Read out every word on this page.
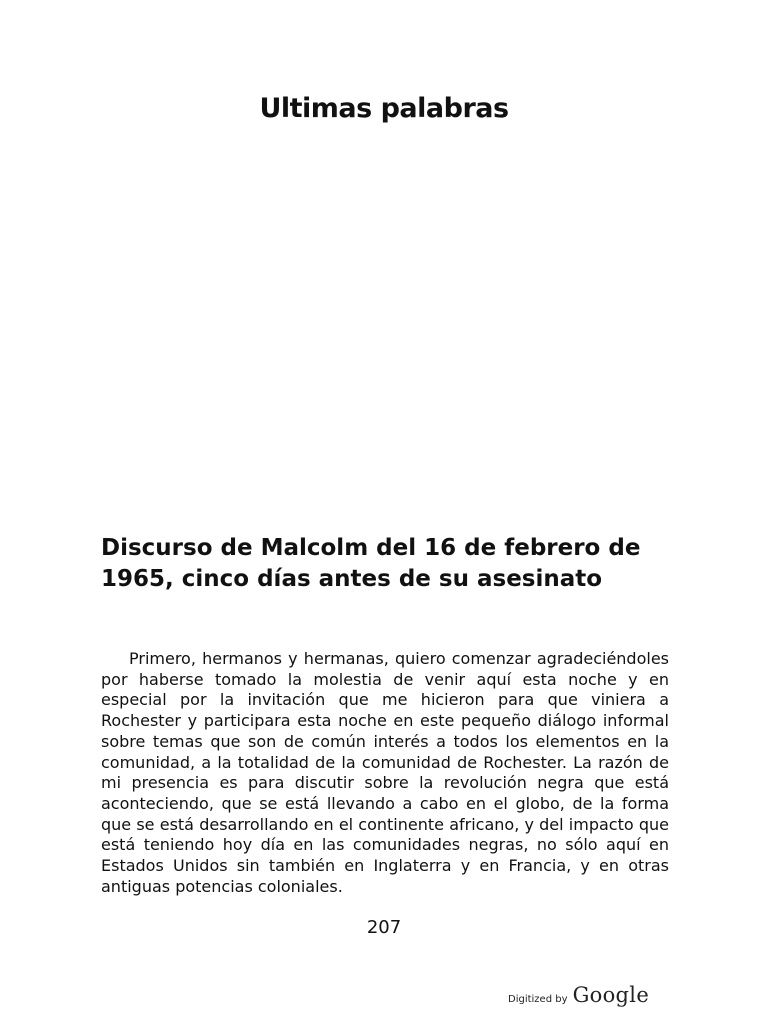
Ultimas palabras
Discurso de Malcolm del 16 de febrero de 1965, cinco días antes de su asesinato

Primero, hermanos y hermanas, quiero comenzar agradeciéndoles por haberse tomado la molestia de venir aquí esta noche y en especial por la invitación que me hicieron para que viniera a Rochester y participara esta noche en este pequeño diálogo informal sobre temas que son de común interés a todos los elementos en la comunidad, a la totalidad de la comunidad de Rochester. La razón de mi presencia es para discutir sobre la revolución negra que está aconteciendo, que se está llevando a cabo en el globo, de la forma que se está desarrollando en el continente africano, y del impacto que está teniendo hoy día en las comunidades negras, no sólo aquí en Estados Unidos sin también en Inglaterra y en Francia, y en otras antiguas potencias coloniales.

207
Digitized by Google
